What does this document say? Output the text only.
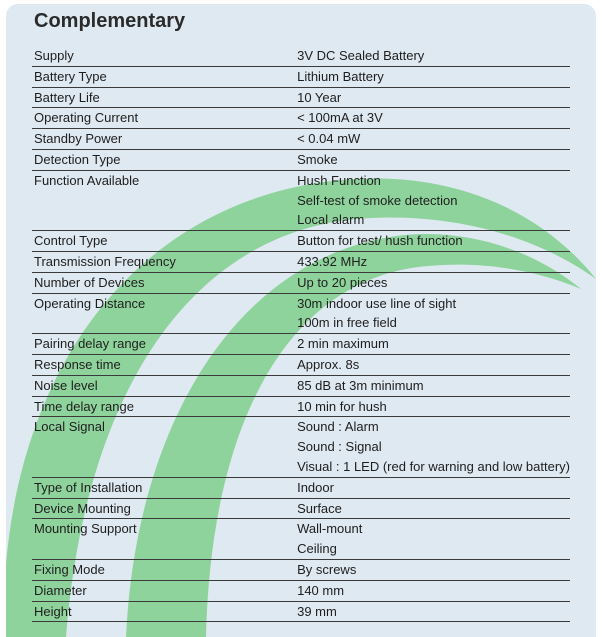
Complementary
Supply	3V DC Sealed Battery
Battery Type	Lithium Battery
Battery Life	10 Year
Operating Current	< 100mA at 3V
Standby Power	< 0.04 mW
Detection Type	Smoke
Function Available	Hush Function
	Self-test of smoke detection
	Local alarm
Control Type	Button for test/ hush function
Transmission Frequency	433.92 MHz
Number of Devices	Up to 20 pieces
Operating Distance	30m indoor use line of sight
	100m in free field
Pairing delay range	2 min maximum
Response time	Approx. 8s
Noise level	85 dB at 3m minimum
Time delay range	10 min for hush
Local Signal	Sound : Alarm
	Sound : Signal
	Visual : 1 LED (red for warning and low battery)
Type of Installation	Indoor
Device Mounting	Surface
Mounting Support	Wall-mount
	Ceiling
Fixing Mode	By screws
Diameter	140 mm
Height	39 mm
